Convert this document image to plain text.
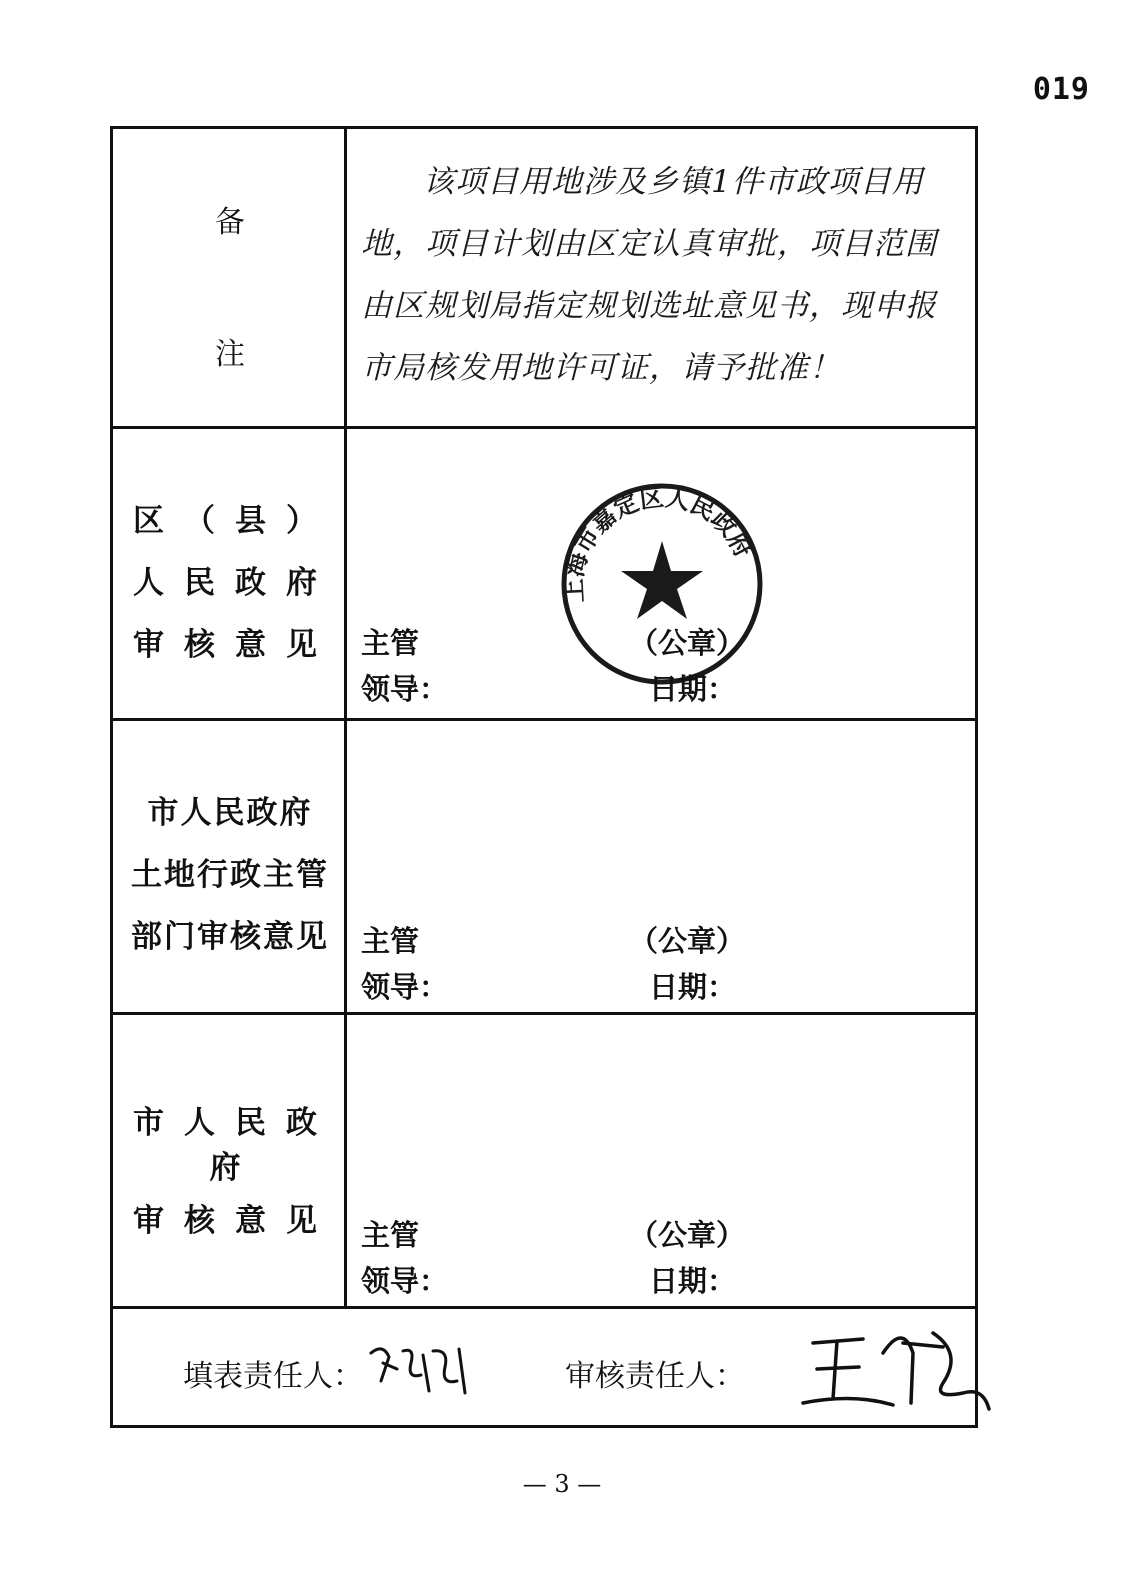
019
备
注
该项目用地涉及乡镇1件市政项目用地，项目计划由区定认真审批，项目范围由区规划局指定规划选址意见书，现申报市局核发用地许可证，请予批准！
区（县）
人民政府
审核意见
上海市嘉定区人民政府
主管
领导：
（公章）
日期：
市人民政府
土地行政主管
部门审核意见	主管
领导：
（公章）
日期：
市人民政府
审核意见 主管
领导：
（公章）
日期：
填表责任人：	审核责任人：
— 3 —
